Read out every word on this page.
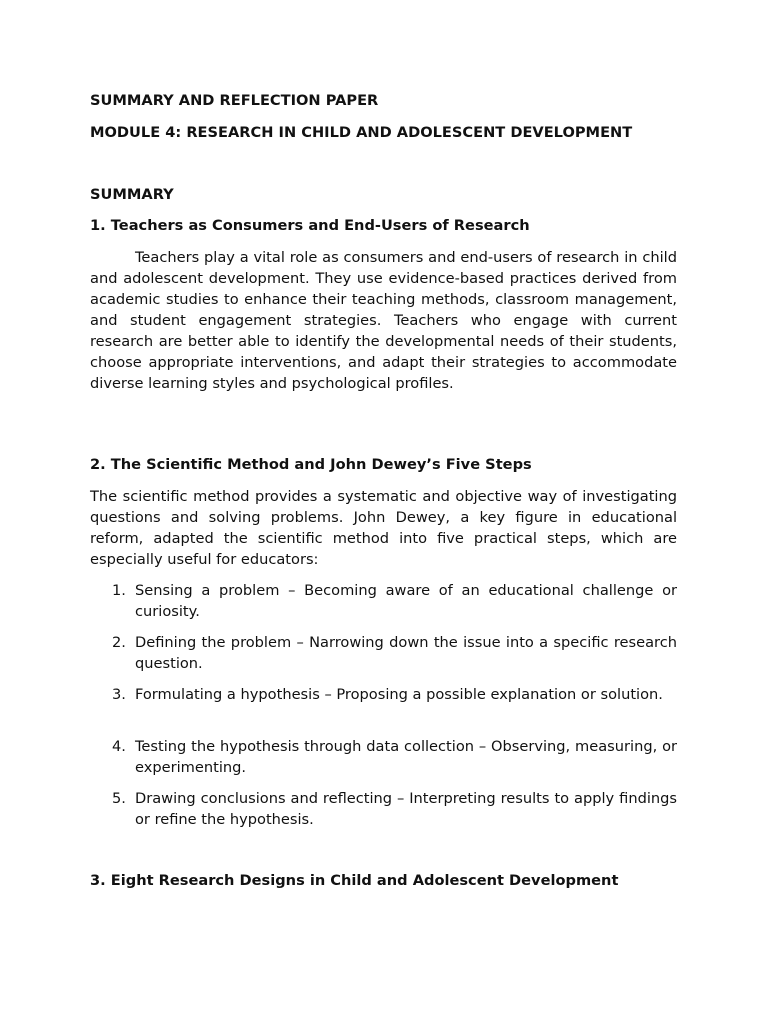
SUMMARY AND REFLECTION PAPER
MODULE 4: RESEARCH IN CHILD AND ADOLESCENT DEVELOPMENT
SUMMARY
1. Teachers as Consumers and End-Users of Research
Teachers play a vital role as consumers and end-users of research in child and adolescent development. They use evidence-based practices derived from academic studies to enhance their teaching methods, classroom management, and student engagement strategies. Teachers who engage with current research are better able to identify the developmental needs of their students, choose appropriate interventions, and adapt their strategies to accommodate diverse learning styles and psychological profiles.
2. The Scientific Method and John Dewey’s Five Steps
The scientific method provides a systematic and objective way of investigating questions and solving problems. John Dewey, a key figure in educational reform, adapted the scientific method into five practical steps, which are especially useful for educators:
1. Sensing a problem – Becoming aware of an educational challenge or curiosity.
2. Defining the problem – Narrowing down the issue into a specific research question.
3. Formulating a hypothesis – Proposing a possible explanation or solution.
4. Testing the hypothesis through data collection – Observing, measuring, or experimenting.
5. Drawing conclusions and reflecting – Interpreting results to apply findings or refine the hypothesis.
3. Eight Research Designs in Child and Adolescent Development
